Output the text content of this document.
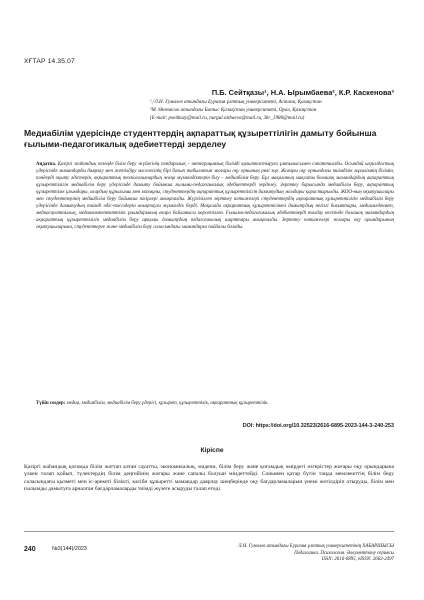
ХҒТАР 14.35.07
П.Б. Сейтқазы¹, Н.А. Ырымбаева², К.Р. Каскенова³
¹,²Л.Н. Гумилев атындағы Еуразия ұлттық университеті, Астана, Қазақстан
³М. Өтемісов атындағы Батыс Қазақстан университеті, Орал, Қазақстан
(E-mail: pseitkazy@mail.ru, nurgul.aitbaeva@mail.ru, 3kr_1980@mail.ru)
Медиабілім үдерісінде студенттердің ақпараттық құзыреттілігін дамыту бойынша ғылыми-педагогикалық әдебиеттерді зерделеу
Аңдатпа. Қазіргі жаһандық кезеңде білім беру жүйесінің пәндаралық – интеграциялық білімді қалыптастыруға ұмтылысымен сипатталады. Осындай ықпалдастық үдерісінде мамандарды даярлау мен жетілдіру мәселесінің бірі болып табылатын жоғары оқу орнының рөлі зор. Жоғары оқу орнындағы тиімділік мұғалімнің білімін, пәндерді оқыту әдістерін, ақпараттық технологиялардың жаңа мүмкіндіктерін білу – медиабілім беру. Бұл мақаланың мақсаты болашақ мамандардың ақпараттық құзыреттілігін медиабілім беру үдерісінде дамыту бойынша ғылыми-педагогикалық әдебиеттерді зерделеу. Зерттеу барысында медиабілім беру, ақпараттық құзыреттілік ұғымдары, олардың құрылымы мен мазмұны, студенттердің ақпараттық құзыреттілігін дамытудың жолдары қарастырылды. ЖОО-ның оқытушылары мен студенттерінің медиабілім беру бойынша пікірлері анықталды. Жүргізілген зерттеу нәтижелері студенттердің ақпараттық құзыреттілігін медиабілім беру үдерісінде дамытудың тиімді әдіс-тәсілдерін анықтауға мүмкіндік берді. Мақалада ақпараттық құзыреттілікті дамытудың негізгі бағыттары, медиамәдениет, медиасауаттылық, медиакомпетенттілік ұғымдарының өзара байланысы көрсетілген. Ғылыми-педагогикалық әдебиеттерді талдау негізінде болашақ мамандардың ақпараттық құзыреттілігін медиабілім беру арқылы дамытудың педагогикалық шарттары анықталды. Зерттеу нәтижелері жоғары оқу орындарының оқытушыларына, студенттерге және медиабілім беру саласындағы мамандарға пайдалы болады.
Түйін сөздер: медиа, медиабілім, медиабілім беру үдерісі, құзырет, құзыреттілік, ақпараттық құзыреттілік.
DOI: https://doi.org/10.32523/2616-6895-2023-144-3-240-253
Кіріспе
Қазіргі жаһандық қоғамда білім жаттап алған сауатты, экономикалық, мәдени, білім беру және қоғамдық өмірдегі өзгерістер жоғары оқу орындарына үлкен талап қойып, түлектердің білім деңгейінің жоғары және сапалы болуын міндеттейді. Сонымен қатар бүтін таңда мемлекеттің білім беру саласындағы қызметі мен іс-әрекеті білікті, кәсіби құзыретті мамандар даярлау шеңберінде оқу бағдарламаларын үнемі жетілдіріп отыруды, білім мен ғылымды дамытуға арналған бағдарламаларды тиімді жүзеге асыруды талап етеді.
240	№3(144)/2023	Л.Н. Гумилев атындағы Еуразия ұлттық университетінің ХАБАРШЫСЫ
Педагогика. Психология. Әлеуметтану сериясы
ISSN: 2616-6895, eISSN: 2663-2497
